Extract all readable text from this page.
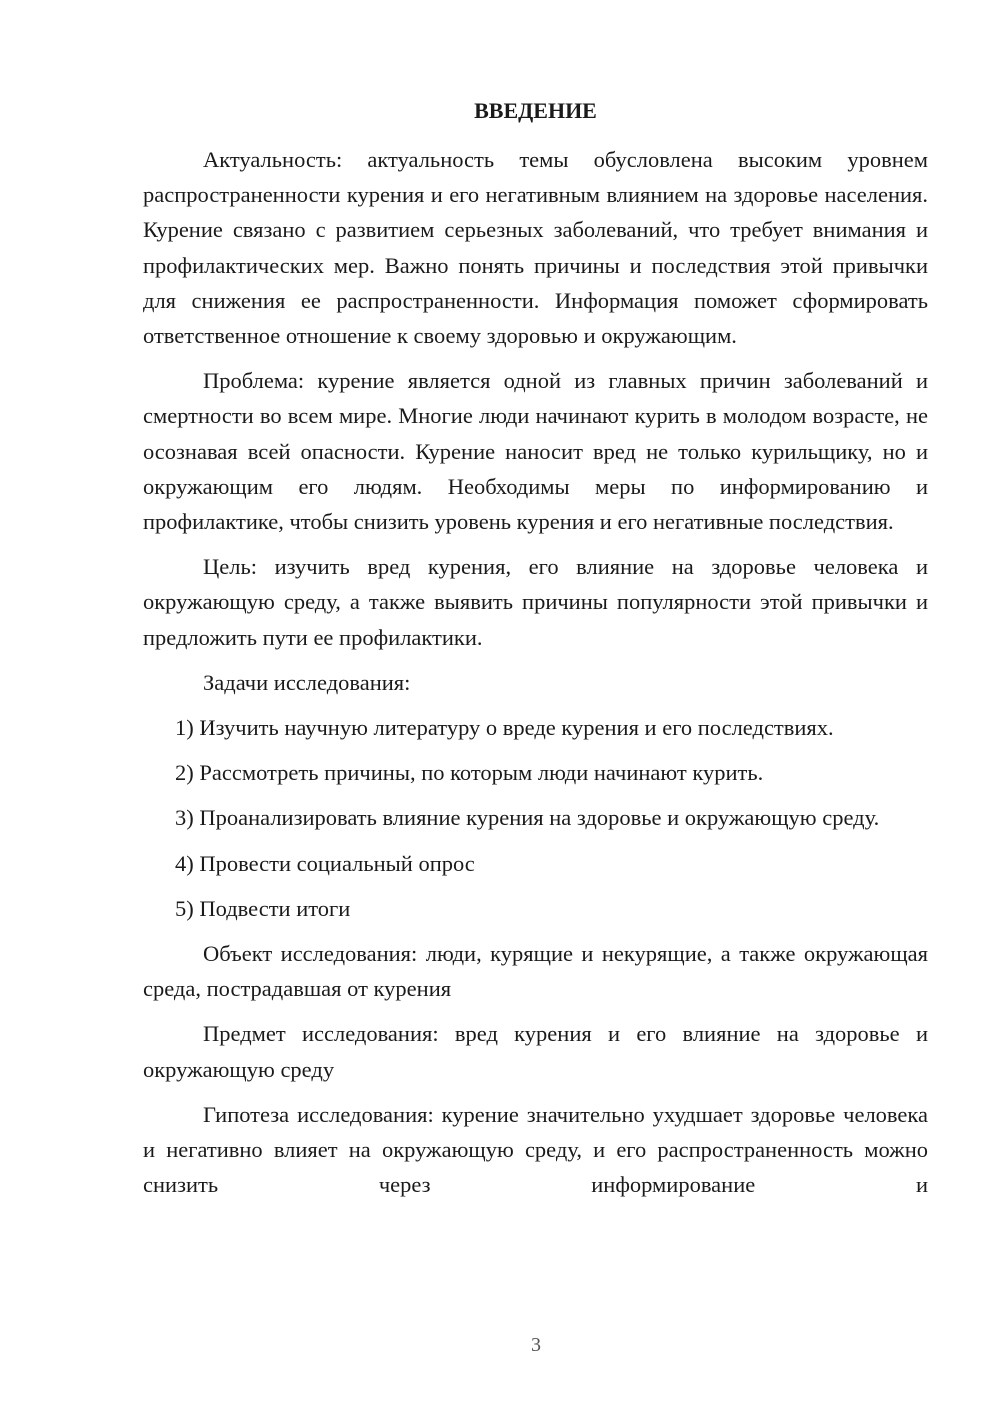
ВВЕДЕНИЕ

Актуальность: актуальность темы обусловлена высоким уровнем распространенности курения и его негативным влиянием на здоровье населения. Курение связано с развитием серьезных заболеваний, что требует внимания и профилактических мер. Важно понять причины и последствия этой привычки для снижения ее распространенности. Информация поможет сформировать ответственное отношение к своему здоровью и окружающим.

Проблема: курение является одной из главных причин заболеваний и смертности во всем мире. Многие люди начинают курить в молодом возрасте, не осознавая всей опасности. Курение наносит вред не только курильщику, но и окружающим его людям. Необходимы меры по информированию и профилактике, чтобы снизить уровень курения и его негативные последствия.

Цель: изучить вред курения, его влияние на здоровье человека и окружающую среду, а также выявить причины популярности этой привычки и предложить пути ее профилактики.

Задачи исследования:

1) Изучить научную литературу о вреде курения и его последствиях.

2) Рассмотреть причины, по которым люди начинают курить.

3) Проанализировать влияние курения на здоровье и окружающую среду.

4) Провести социальный опрос

5) Подвести итоги

Объект исследования: люди, курящие и некурящие, а также окружающая среда, пострадавшая от курения

Предмет исследования: вред курения и его влияние на здоровье и окружающую среду

Гипотеза исследования: курение значительно ухудшает здоровье человека и негативно влияет на окружающую среду, и его распространенность можно снизить через информирование и

3
